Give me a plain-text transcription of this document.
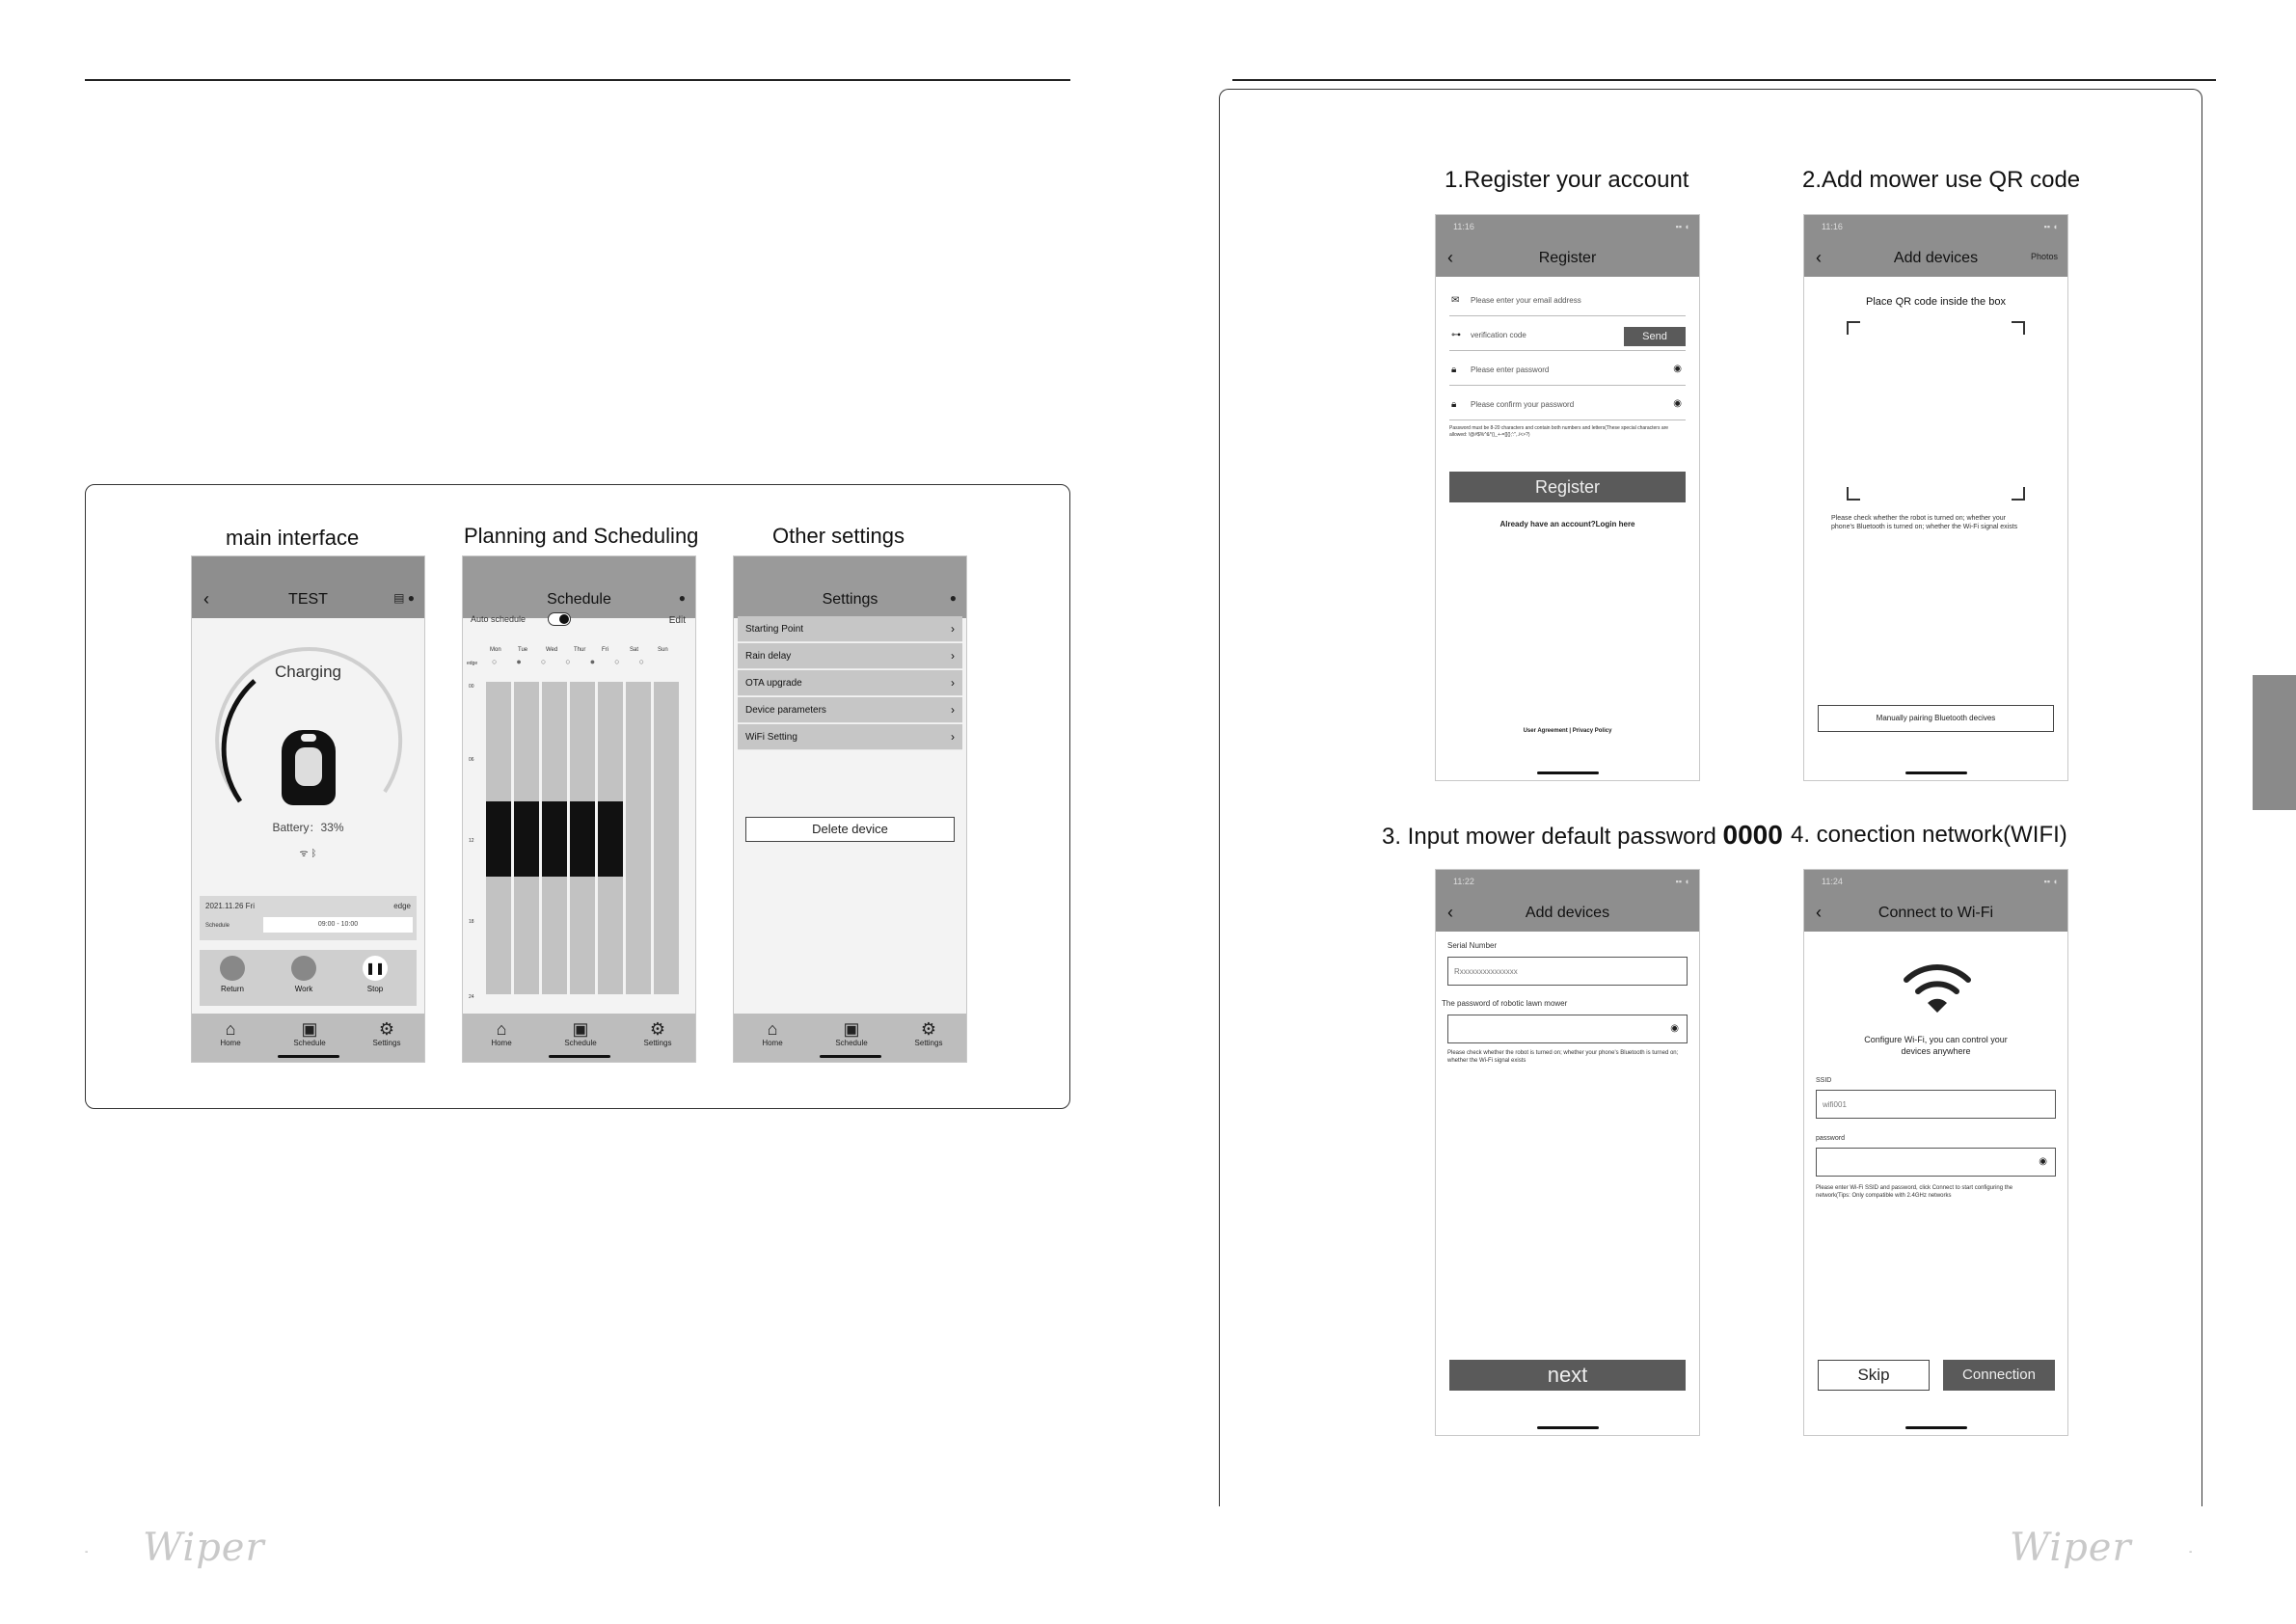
main interface	Planning and Scheduling	Other settings
‹	TEST	▤ ●
Charging
Battery：33%
ᯤ ᛒ
2021.11.26 Fri	edge
Schedule	09:00 - 10:00
Return	Work
❚❚
Stop
⌂
Home
▣
Schedule
⚙
Settings
Schedule	●
Auto schedule	Edit
Mon	Tue	Wed	Thur	Fri	Sat	Sun
○●○○●○○
edge
00
06
12
18
24
⌂
Home
▣
Schedule
⚙
Settings
Settings	●
Starting Point	›
Rain delay	›
OTA upgrade	›
Device parameters	›
WiFi Setting	›
Delete device
⌂
Home
▣
Schedule
⚙
Settings
- Wiper
1.Register your account	2.Add mower use QR code
3. Input mower default password 0000 4. conection network(WIFI)
11:16	▪▪ ◖
‹	Register
✉ Please enter your email address
⊶ verification code	Send
🔒︎ Please enter password	◉
🔒︎ Please confirm your password	◉
Password must be 8-20 characters and contain both numbers and letters(These special characters are allowed: !@#$%^&*()_+-=[]{};':",./<>?)
Register
Already have an account?Login here
User Agreement | Privacy Policy
11:16	▪▪ ◖
‹	Add devices	Photos
Place QR code inside the box
Please check whether the robot is turned on; whether your phone's Bluetooth is turned on; whether the Wi-Fi signal exists
Manually pairing Bluetooth decives
11:22	▪▪ ◖
‹	Add devices
Serial Number
Rxxxxxxxxxxxxxxx
The password of robotic lawn mower
◉
Please check whether the robot is turned on; whether your phone's Bluetooth is turned on; whether the Wi-Fi signal exists
next
11:24	▪▪ ◖
‹	Connect to Wi-Fi
Configure Wi-Fi, you can control your devices anywhere
SSID
wifi001
password
◉
Please enter Wi-Fi SSID and password, click Connect to start configuring the network(Tips: Only compatible with 2.4GHz networks
Skip	Connection
Wiper	-
